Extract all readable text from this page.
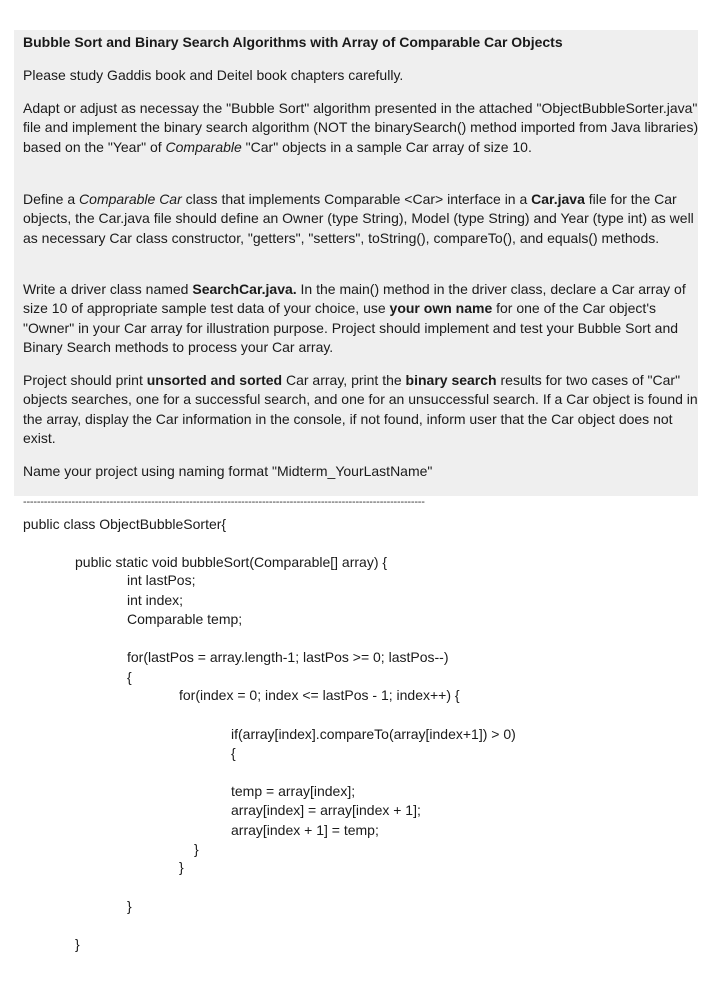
Bubble Sort and Binary Search Algorithms with Array of Comparable Car Objects

Please study Gaddis book and Deitel book chapters carefully.

Adapt or adjust as necessay the "Bubble Sort" algorithm presented in the attached "ObjectBubbleSorter.java" file and implement the binary search algorithm (NOT the binarySearch() method imported from Java libraries) based on the "Year" of Comparable "Car" objects in a sample Car array of size 10.

Define a Comparable Car class that implements Comparable <Car> interface in a Car.java file for the Car objects, the Car.java file should define an Owner (type String), Model (type String) and Year (type int) as well as necessary Car class constructor, "getters", "setters", toString(), compareTo(), and equals() methods.

Write a driver class named SearchCar.java. In the main() method in the driver class, declare a Car array of size 10 of appropriate sample test data of your choice, use your own name for one of the Car object's "Owner" in your Car array for illustration purpose. Project should implement and test your Bubble Sort and Binary Search methods to process your Car array.

Project should print unsorted and sorted Car array, print the binary search results for two cases of "Car" objects searches, one for a successful search, and one for an unsuccessful search. If a Car object is found in the array, display the Car information in the console, if not found, inform user that the Car object does not exist.

Name your project using naming format "Midterm_YourLastName"

--------------------------------------------------------------------------------------------------------------------
public class ObjectBubbleSorter{
public static void bubbleSort(Comparable[] array) {
int lastPos;
int index;
Comparable temp;
for(lastPos = array.length-1; lastPos >= 0; lastPos--)
{
for(index = 0; index <= lastPos - 1; index++) {
if(array[index].compareTo(array[index+1]) > 0)
{
temp = array[index];
array[index] = array[index + 1];
array[index + 1] = temp;
}
}
}
}
